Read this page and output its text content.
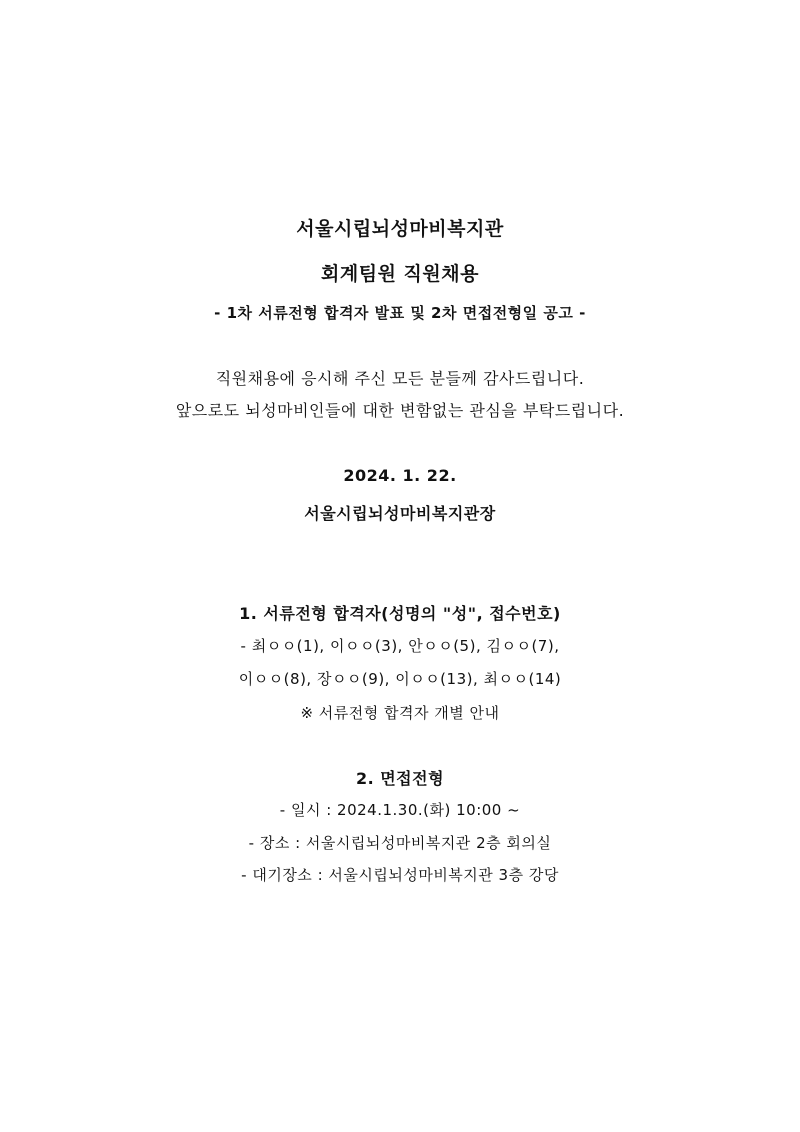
서울시립뇌성마비복지관
회계팀원 직원채용
- 1차 서류전형 합격자 발표 및 2차 면접전형일 공고 -
직원채용에 응시해 주신 모든 분들께 감사드립니다.
앞으로도 뇌성마비인들에 대한 변함없는 관심을 부탁드립니다.
2024. 1. 22.
서울시립뇌성마비복지관장
1. 서류전형 합격자(성명의 "성", 접수번호)
- 최ㅇㅇ(1), 이ㅇㅇ(3), 안ㅇㅇ(5), 김ㅇㅇ(7),
이ㅇㅇ(8), 장ㅇㅇ(9), 이ㅇㅇ(13), 최ㅇㅇ(14)
※ 서류전형 합격자 개별 안내
2. 면접전형
- 일시 : 2024.1.30.(화) 10:00 ~
- 장소 : 서울시립뇌성마비복지관 2층 회의실
- 대기장소 : 서울시립뇌성마비복지관 3층 강당
